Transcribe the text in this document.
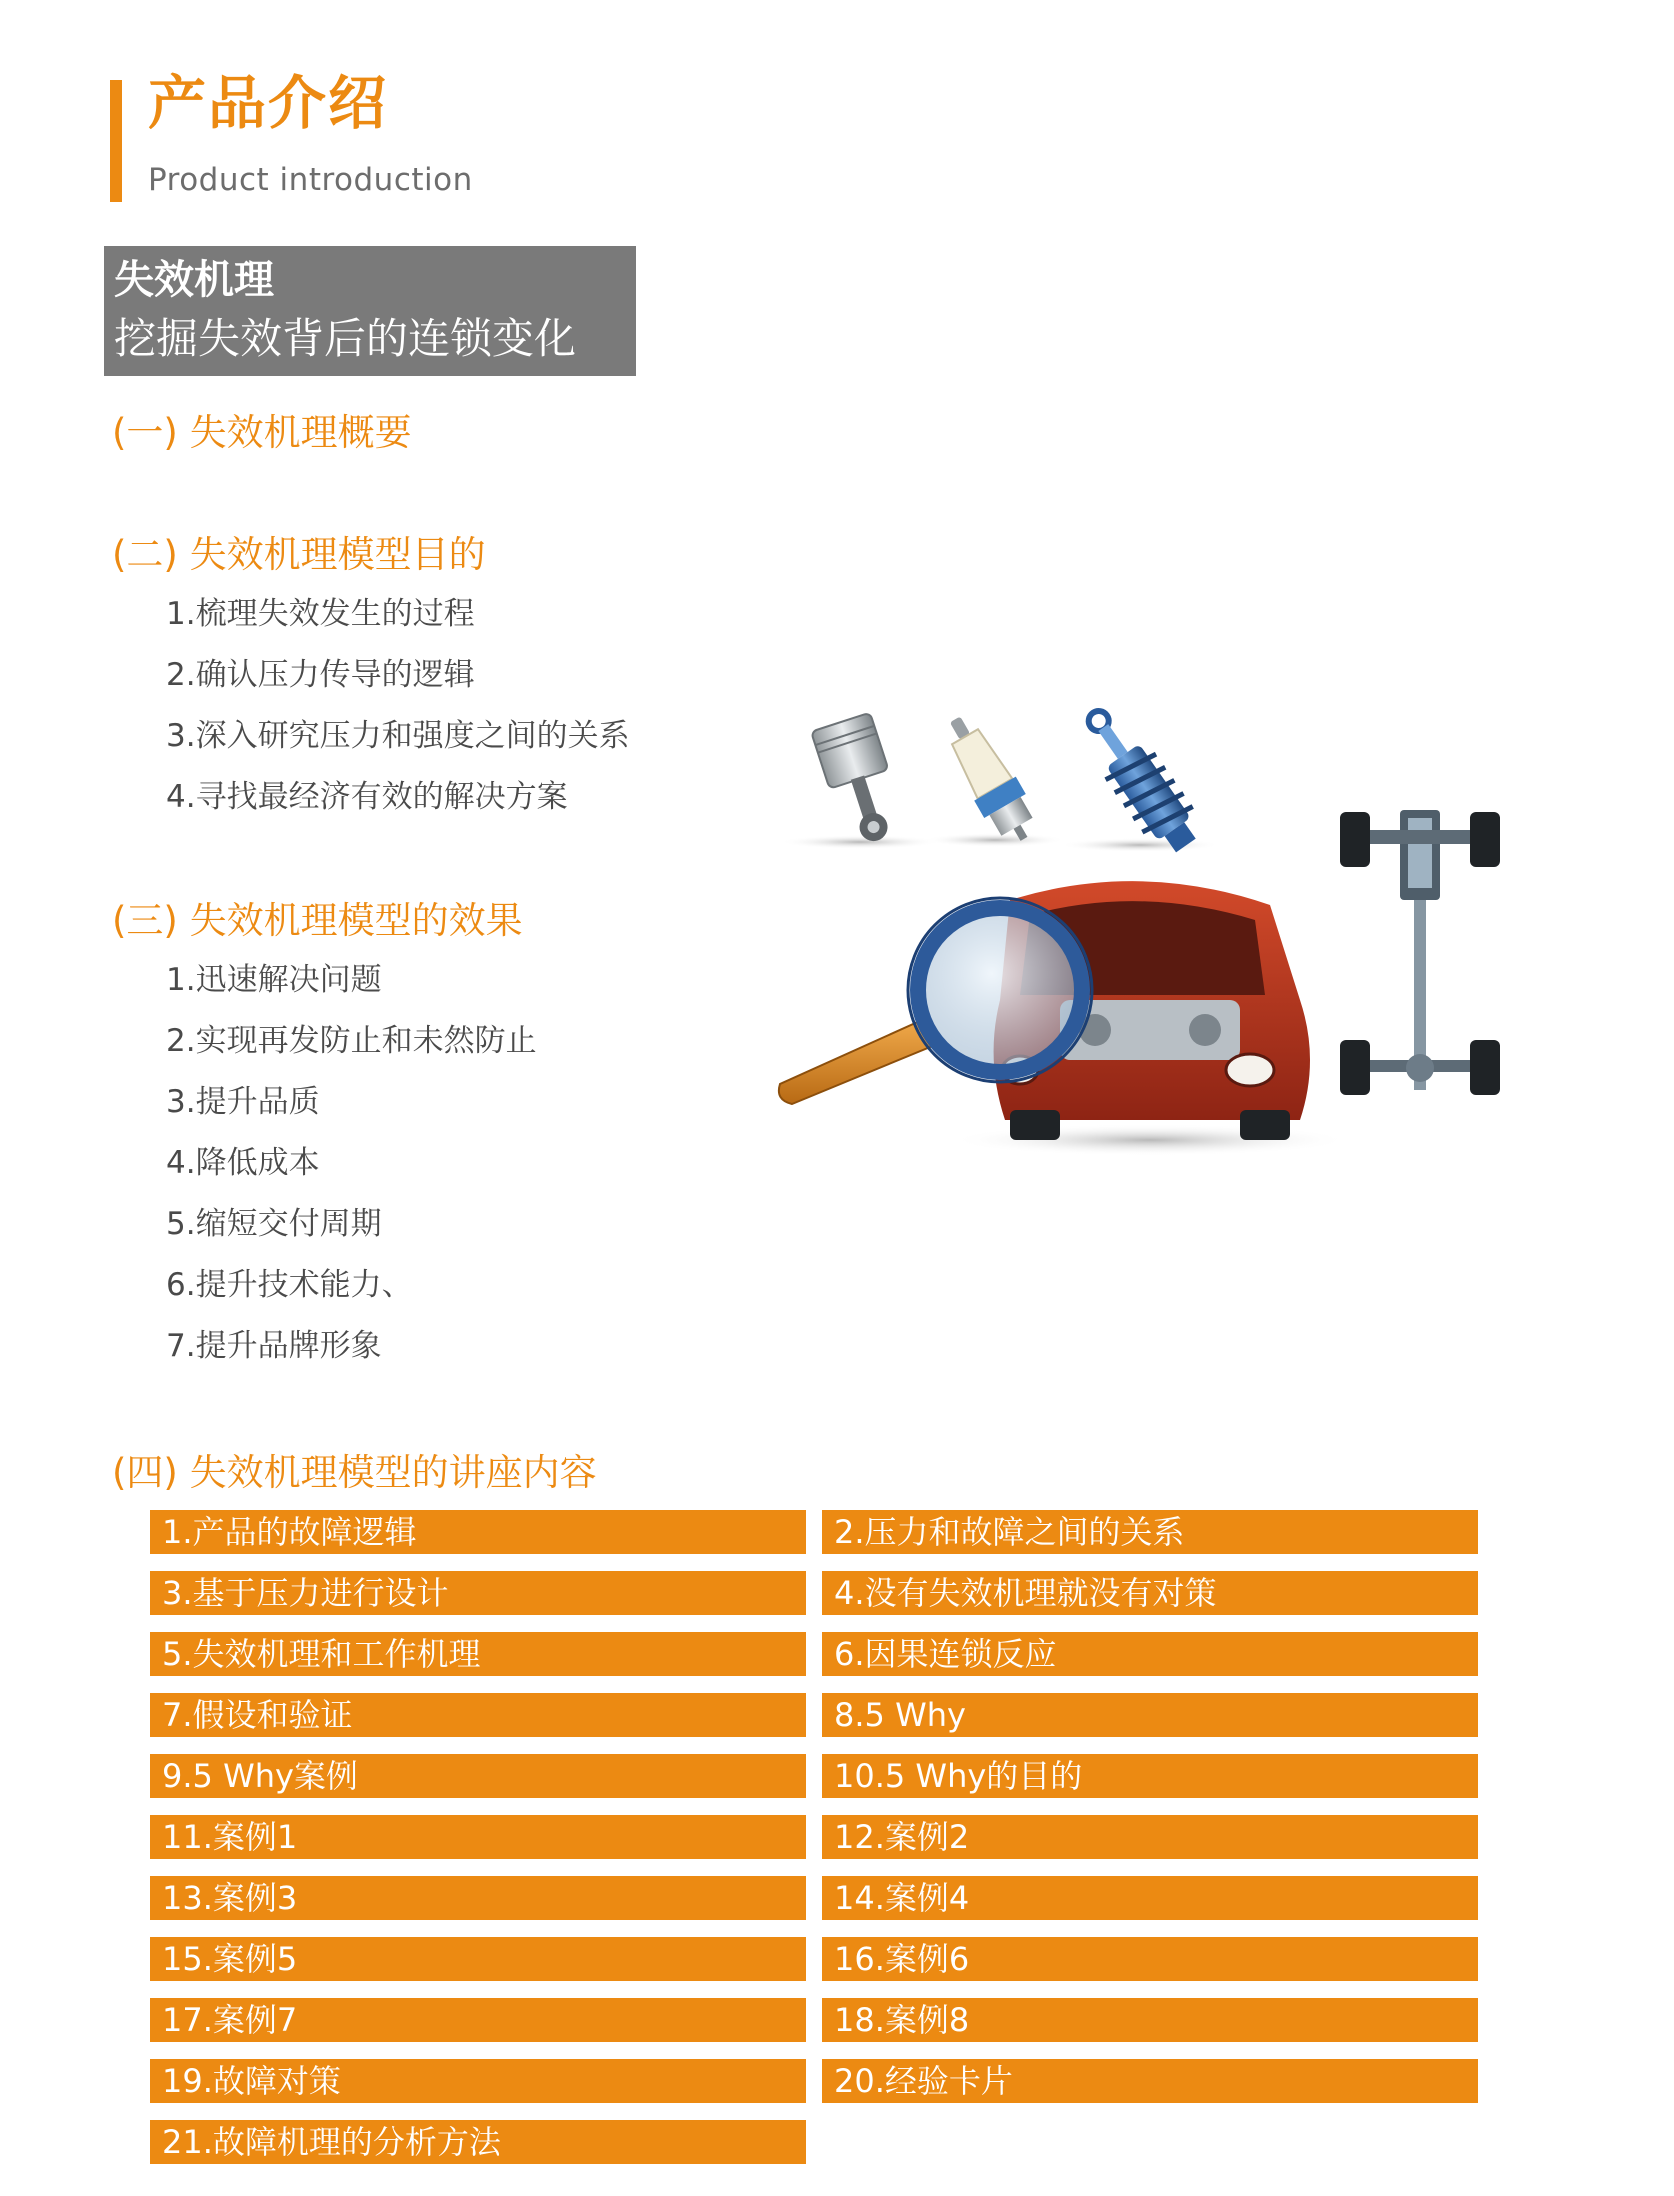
产品介绍
Product introduction
失效机理
挖掘失效背后的连锁变化
(一) 失效机理概要
(二) 失效机理模型目的
1.梳理失效发生的过程
2.确认压力传导的逻辑
3.深入研究压力和强度之间的关系
4.寻找最经济有效的解决方案
(三) 失效机理模型的效果
1.迅速解决问题
2.实现再发防止和未然防止
3.提升品质
4.降低成本
5.缩短交付周期
6.提升技术能力、
7.提升品牌形象
(四) 失效机理模型的讲座内容
1.产品的故障逻辑	2.压力和故障之间的关系
3.基于压力进行设计	4.没有失效机理就没有对策
5.失效机理和工作机理	6.因果连锁反应
7.假设和验证	8.5 Why
9.5 Why案例	10.5 Why的目的
11.案例1	12.案例2
13.案例3	14.案例4
15.案例5	16.案例6
17.案例7	18.案例8
19.故障对策	20.经验卡片
21.故障机理的分析方法
